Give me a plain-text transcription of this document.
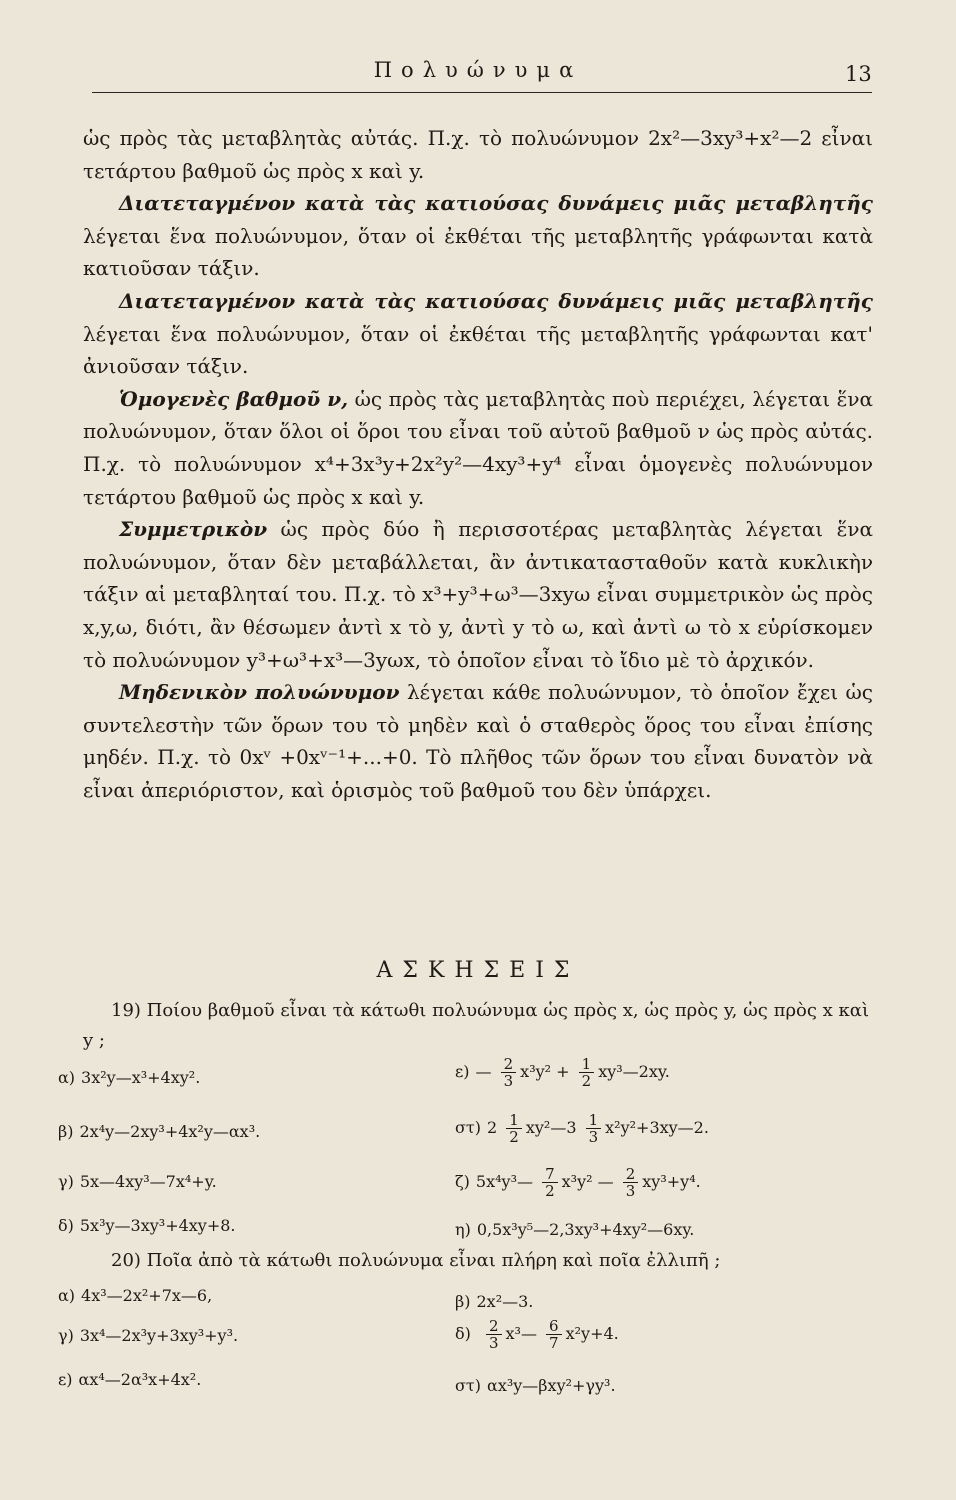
Πολυώνυμα	13

ὡς πρὸς τὰς μεταβλητὰς αὐτάς. Π.χ. τὸ πολυώνυμον 2x²—3xy³+x²—2 εἶναι τετάρτου βαθμοῦ ὡς πρὸς x καὶ y.

Διατεταγμένον κατὰ τὰς κατιούσας δυνάμεις μιᾶς μεταβλητῆς λέγεται ἕνα πολυώνυμον, ὅταν οἱ ἐκθέται τῆς μεταβλητῆς γράφωνται κατὰ κατιοῦσαν τάξιν.

Διατεταγμένον κατὰ τὰς κατιούσας δυνάμεις μιᾶς μεταβλητῆς λέγεται ἕνα πολυώνυμον, ὅταν οἱ ἐκθέται τῆς μεταβλητῆς γράφωνται κατ' ἀνιοῦσαν τάξιν.

Ὁμογενὲς βαθμοῦ ν, ὡς πρὸς τὰς μεταβλητὰς ποὺ περιέχει, λέγεται ἕνα πολυώνυμον, ὅταν ὅλοι οἱ ὅροι του εἶναι τοῦ αὐτοῦ βαθμοῦ ν ὡς πρὸς αὐτάς. Π.χ. τὸ πολυώνυμον x⁴+3x³y+2x²y²—4xy³+y⁴ εἶναι ὁμογενὲς πολυώνυμον τετάρτου βαθμοῦ ὡς πρὸς x καὶ y.

Συμμετρικὸν ὡς πρὸς δύο ἢ περισσοτέρας μεταβλητὰς λέγεται ἕνα πολυώνυμον, ὅταν δὲν μεταβάλλεται, ἂν ἀντικατασταθοῦν κατὰ κυκλικὴν τάξιν αἱ μεταβληταί του. Π.χ. τὸ x³+y³+ω³—3xyω εἶναι συμμετρικὸν ὡς πρὸς x,y,ω, διότι, ἂν θέσωμεν ἀντὶ x τὸ y, ἀντὶ y τὸ ω, καὶ ἀντὶ ω τὸ x εὑρίσκομεν τὸ πολυώνυμον y³+ω³+x³—3yωx, τὸ ὁποῖον εἶναι τὸ ἴδιο μὲ τὸ ἀρχικόν.

Μηδενικὸν πολυώνυμον λέγεται κάθε πολυώνυμον, τὸ ὁποῖον ἔχει ὡς συντελεστὴν τῶν ὅρων του τὸ μηδὲν καὶ ὁ σταθερὸς ὅρος του εἶναι ἐπίσης μηδέν. Π.χ. τὸ 0xᵛ +0xᵛ⁻¹+...+0. Τὸ πλῆθος τῶν ὅρων του εἶναι δυνατὸν νὰ εἶναι ἀπεριόριστον, καὶ ὁρισμὸς τοῦ βαθμοῦ του δὲν ὑπάρχει.

ΑΣΚΗΣΕΙΣ
19) Ποίου βαθμοῦ εἶναι τὰ κάτωθι πολυώνυμα ὡς πρὸς x, ὡς πρὸς y, ὡς πρὸς x καὶ y ;
α) 3x²y—x³+4xy².
β) 2x⁴y—2xy³+4x²y—αx³.
γ) 5x—4xy³—7x⁴+y.
δ) 5x³y—3xy³+4xy+8.
ε) — $\frac{2}{3} x^3y^2 + \frac{1}{2}$ xy³—2xy.
στ) $2 \frac{1}{2}$ xy²—3 $\frac{1}{3}$ x²y²+3xy—2.
ζ) 5x⁴y³— $\frac{7}{2} x^3y^2$ — $\frac{2}{3} xy^3+y^4$.
η) 0,5x³y⁵—2,3xy³+4xy²—6xy.
20) Ποῖα ἀπὸ τὰ κάτωθι πολυώνυμα εἶναι πλήρη καὶ ποῖα ἐλλιπῆ ;
α) 4x³—2x²+7x—6,
γ) 3x⁴—2x³y+3xy³+y³.
ε) αx⁴—2α³x+4x².
β) 2x²—3.
$\delta) \frac{2}{3}$ x³— $\frac{6}{7} x^2y+4$.
στ) αx³y—βxy²+γy³.
